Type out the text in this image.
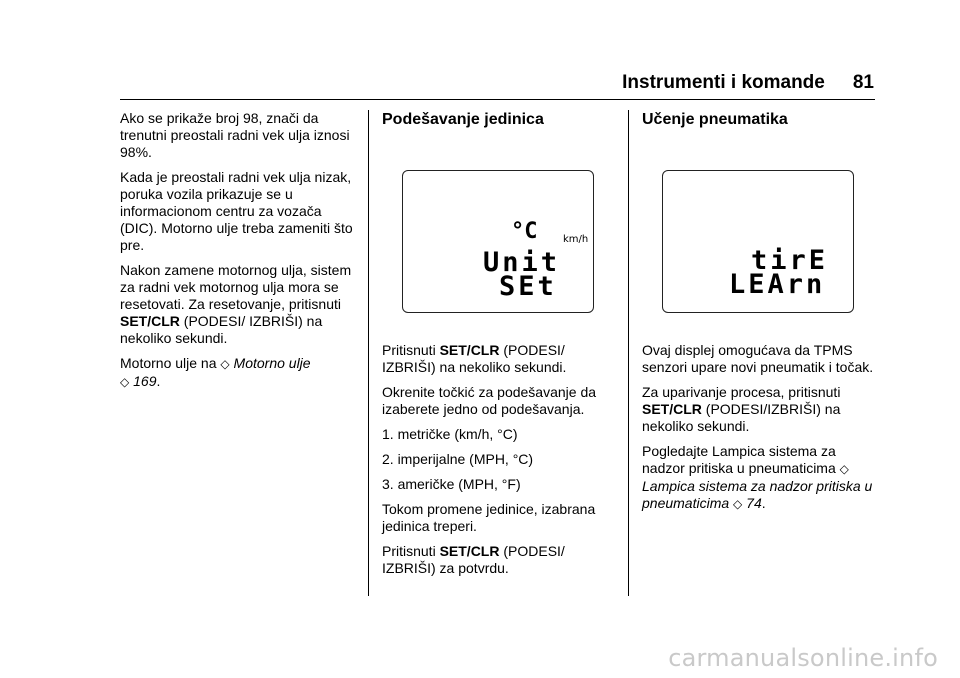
Instrumenti i komande 81

Ako se prikaže broj 98, znači da trenutni preostali radni vek ulja iznosi 98%.

Kada je preostali radni vek ulja nizak, poruka vozila prikazuje se u informacionom centru za vozača (DIC). Motorno ulje treba zameniti što pre.

Nakon zamene motornog ulja, sistem za radni vek motornog ulja mora se resetovati. Za resetovanje, pritisnuti SET/CLR (PODESI/ IZBRIŠI) na nekoliko sekundi.

Motorno ulje na ◇ Motorno ulje
◇ 169.

Podešavanje jedinica

Pritisnuti SET/CLR (PODESI/ IZBRIŠI) na nekoliko sekundi.

Okrenite točkić za podešavanje da izaberete jedno od podešavanja.

1. metričke (km/h, °C)

2. imperijalne (MPH, °C)

3. američke (MPH, °F)

Tokom promene jedinice, izabrana jedinica treperi.

Pritisnuti SET/CLR (PODESI/ IZBRIŠI) za potvrdu.

°C	km/h
Unit
SEt
Učenje pneumatika

Ovaj displej omogućava da TPMS senzori upare novi pneumatik i točak.

Za uparivanje procesa, pritisnuti SET/CLR (PODESI/IZBRIŠI) na nekoliko sekundi.

Pogledajte Lampica sistema za nadzor pritiska u pneumaticima ◇
Lampica sistema za nadzor pritiska u pneumaticima ◇ 74.

tirE
LEArn
carmanualsonline.info
